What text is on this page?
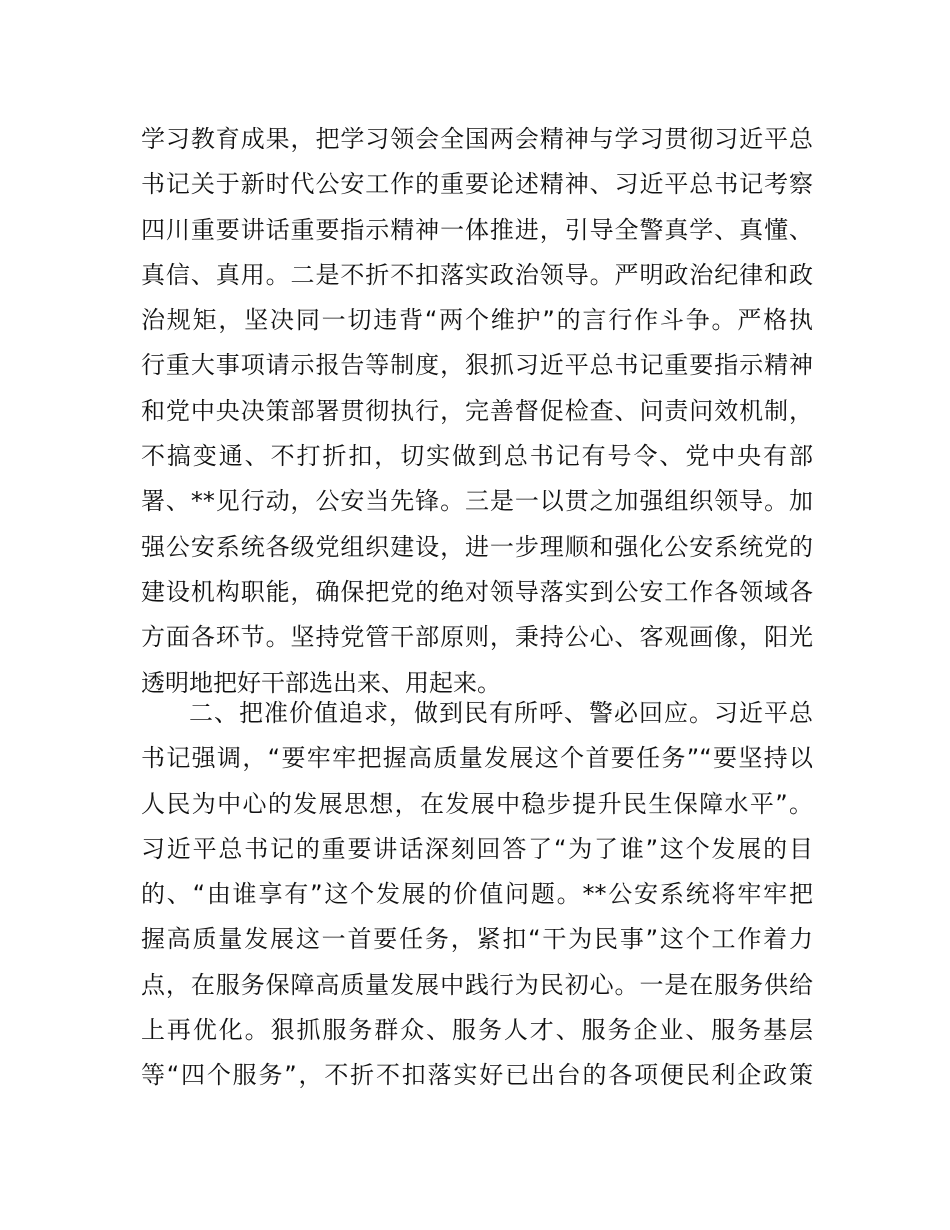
学习教育成果，把学习领会全国两会精神与学习贯彻习近平总
书记关于新时代公安工作的重要论述精神、习近平总书记考察
四川重要讲话重要指示精神一体推进，引导全警真学、真懂、
真信、真用。二是不折不扣落实政治领导。严明政治纪律和政
治规矩，坚决同一切违背“两个维护”的言行作斗争。严格执
行重大事项请示报告等制度，狠抓习近平总书记重要指示精神
和党中央决策部署贯彻执行，完善督促检查、问责问效机制，
不搞变通、不打折扣，切实做到总书记有号令、党中央有部
署、**见行动，公安当先锋。三是一以贯之加强组织领导。加
强公安系统各级党组织建设，进一步理顺和强化公安系统党的
建设机构职能，确保把党的绝对领导落实到公安工作各领域各
方面各环节。坚持党管干部原则，秉持公心、客观画像，阳光
透明地把好干部选出来、用起来。
二、把准价值追求，做到民有所呼、警必回应。习近平总
书记强调，“要牢牢把握高质量发展这个首要任务”“要坚持以
人民为中心的发展思想，在发展中稳步提升民生保障水平”。
习近平总书记的重要讲话深刻回答了“为了谁”这个发展的目
的、“由谁享有”这个发展的价值问题。**公安系统将牢牢把
握高质量发展这一首要任务，紧扣“干为民事”这个工作着力
点，在服务保障高质量发展中践行为民初心。一是在服务供给
上再优化。狠抓服务群众、服务人才、服务企业、服务基层
等“四个服务”，不折不扣落实好已出台的各项便民利企政策
